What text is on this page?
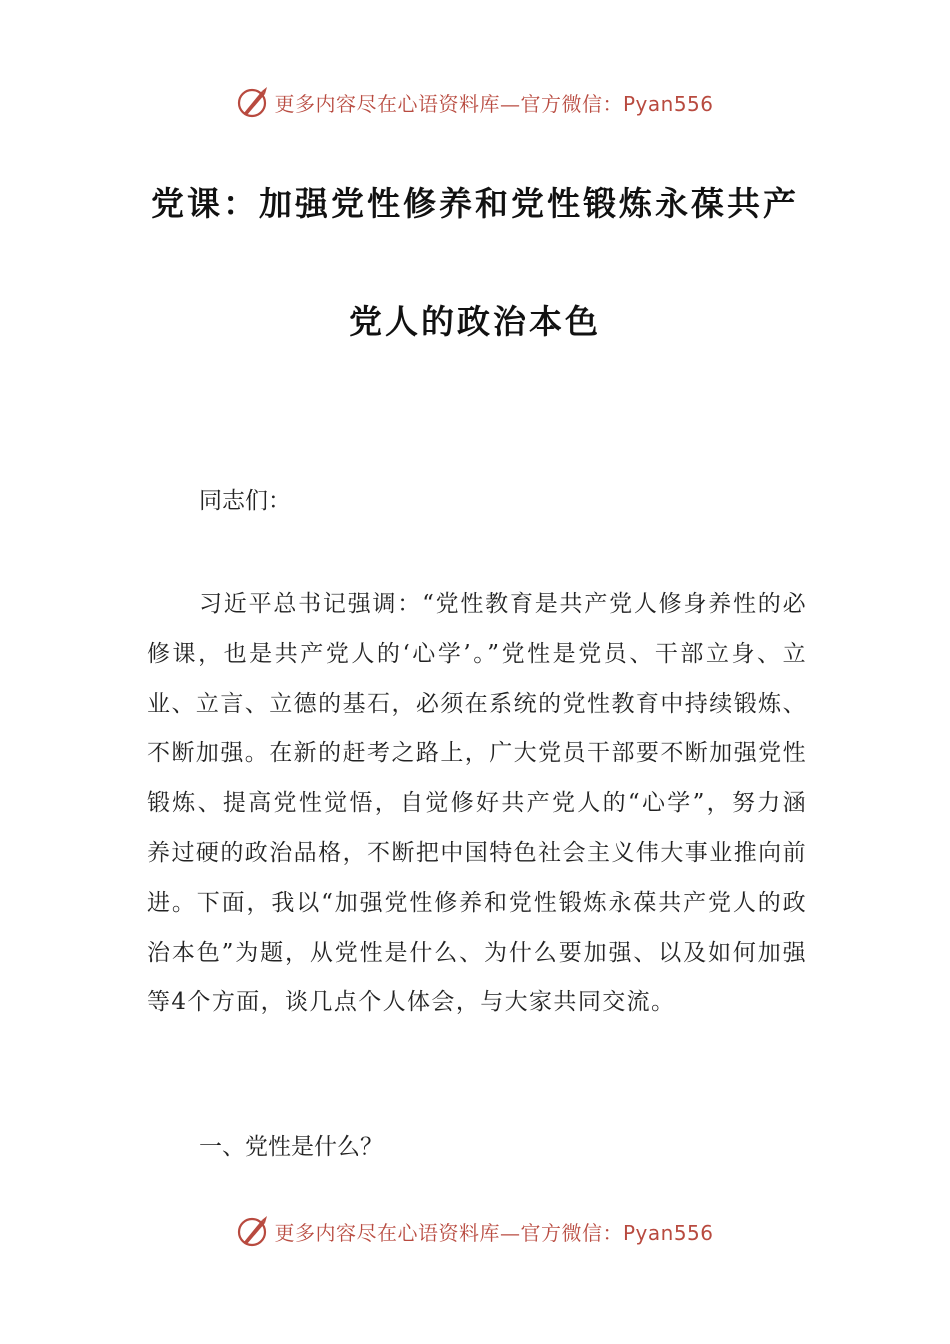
更多内容尽在心语资料库—官方微信：Pyan556
党课：加强党性修养和党性锻炼永葆共产
党人的政治本色
同志们：
习近平总书记强调：“党性教育是共产党人修身养性的必修课，也是共产党人的‘心学’。”党性是党员、干部立身、立业、立言、立德的基石，必须在系统的党性教育中持续锻炼、不断加强。在新的赶考之路上，广大党员干部要不断加强党性锻炼、提高党性觉悟，自觉修好共产党人的“心学”，努力涵养过硬的政治品格，不断把中国特色社会主义伟大事业推向前进。下面，我以“加强党性修养和党性锻炼永葆共产党人的政治本色”为题，从党性是什么、为什么要加强、以及如何加强等4个方面，谈几点个人体会，与大家共同交流。
一、党性是什么？
更多内容尽在心语资料库—官方微信：Pyan556
